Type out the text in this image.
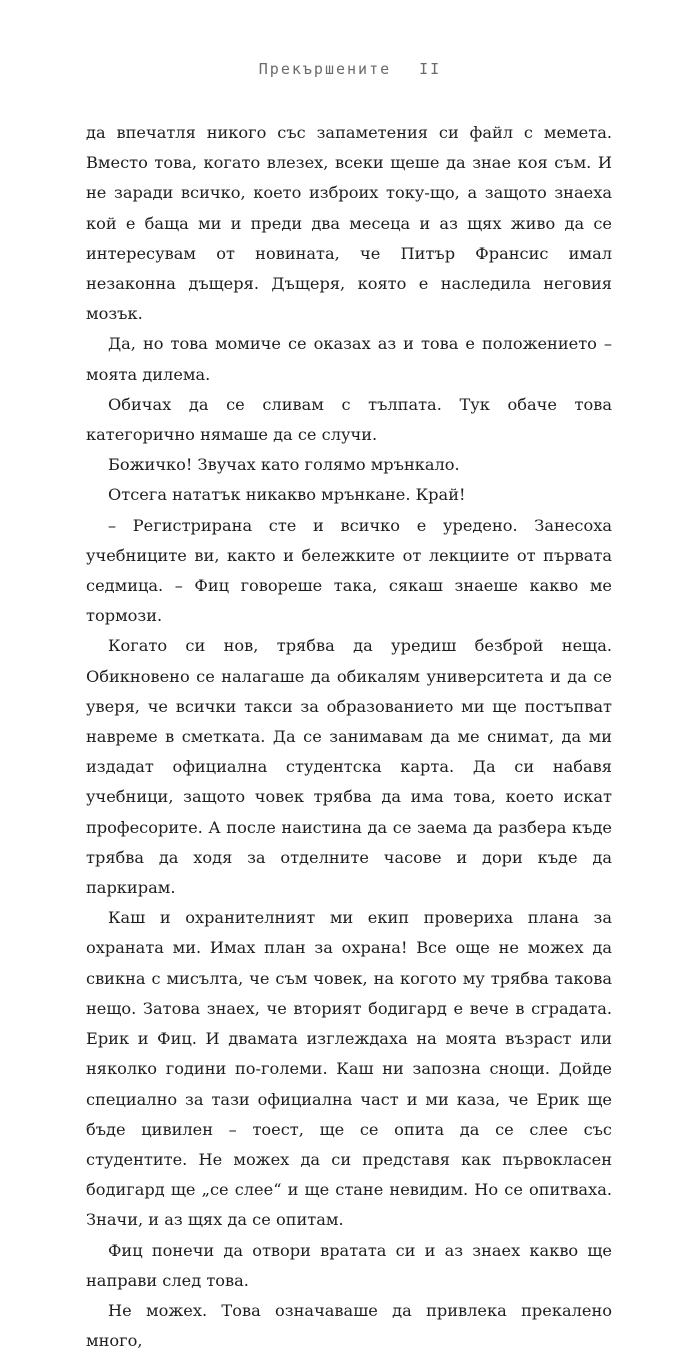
Прекършените II

да впечатля никого със запаметения си файл с мемета. Вместо това, когато влезех, всеки щеше да знае коя съм. И не заради всичко, което изброих току-що, а защото знаеха кой е баща ми и преди два месеца и аз щях живо да се интересувам от новината, че Питър Франсис имал незаконна дъщеря. Дъщеря, която е наследила неговия мозък.

Да, но това момиче се оказах аз и това е положението – моята дилема.

Обичах да се сливам с тълпата. Тук обаче това категорично нямаше да се случи.

Божичко! Звучах като голямо мрънкало.

Отсега нататък никакво мрънкане. Край!

– Регистрирана сте и всичко е уредено. Занесоха учебниците ви, както и бележките от лекциите от първата седмица. – Фиц говореше така, сякаш знаеше какво ме тормози.

Когато си нов, трябва да уредиш безброй неща. Обикновено се налагаше да обикалям университета и да се уверя, че всички такси за образованието ми ще постъпват навреме в сметката. Да се занимавам да ме снимат, да ми издадат официална студентска карта. Да си набавя учебници, защото човек трябва да има това, което искат професорите. А после наистина да се заема да разбера къде трябва да ходя за отделните часове и дори къде да паркирам.

Каш и охранителният ми екип провериха плана за охраната ми. Имах план за охрана! Все още не можех да свикна с мисълта, че съм човек, на когото му трябва такова нещо. Затова знаех, че вторият бодигард е вече в сградата. Ерик и Фиц. И двамата изглеждаха на моята възраст или няколко години по-големи. Каш ни запозна снощи. Дойде специално за тази официална част и ми каза, че Ерик ще бъде цивилен – тоест, ще се опита да се слее със студентите. Не можех да си представя как първокласен бодигард ще „се слее“ и ще стане невидим. Но се опитваха. Значи, и аз щях да се опитам.

Фиц понечи да отвори вратата си и аз знаех какво ще направи след това.

Не можех. Това означаваше да привлека прекалено много,
